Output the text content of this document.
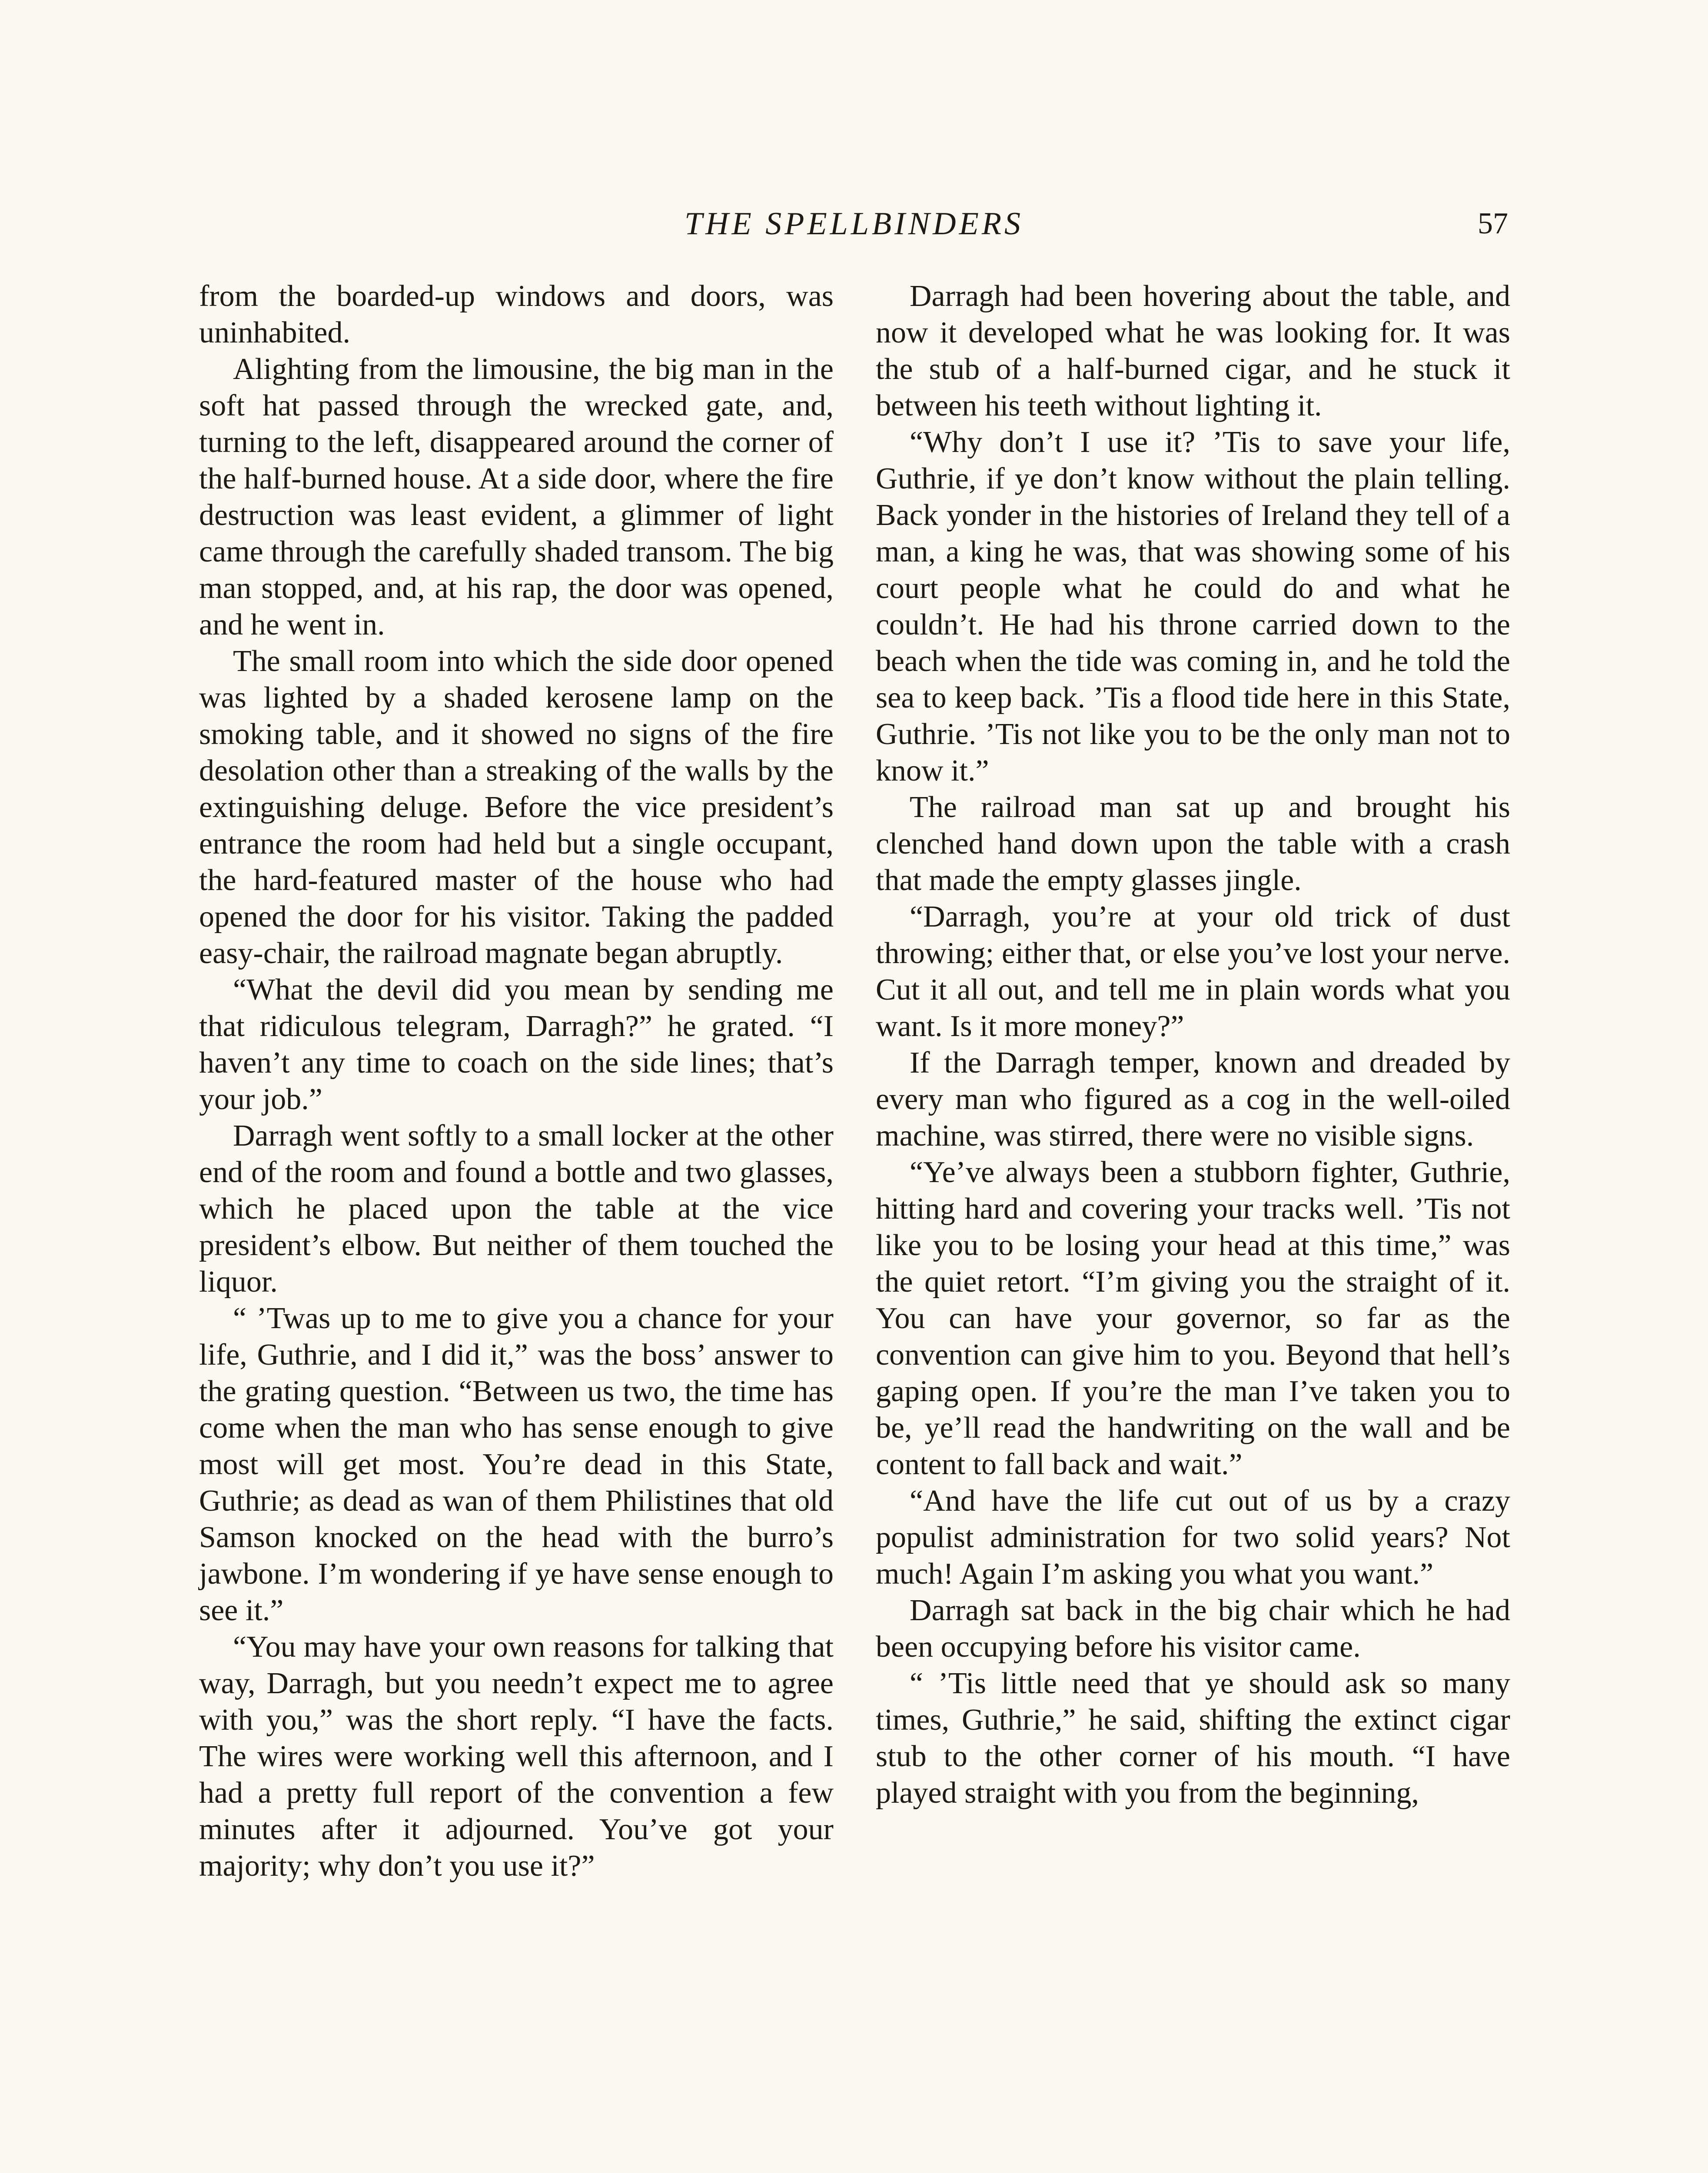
THE SPELLBINDERS	57

from the boarded-up windows and doors, was uninhabited.

Alighting from the limousine, the big man in the soft hat passed through the wrecked gate, and, turning to the left, disappeared around the corner of the half-burned house. At a side door, where the fire destruction was least evident, a glimmer of light came through the carefully shaded transom. The big man stopped, and, at his rap, the door was opened, and he went in.

The small room into which the side door opened was lighted by a shaded kerosene lamp on the smoking table, and it showed no signs of the fire desolation other than a streaking of the walls by the extinguishing deluge. Before the vice president’s entrance the room had held but a single occupant, the hard-featured master of the house who had opened the door for his visitor. Taking the padded easy-chair, the railroad magnate began abruptly.

“What the devil did you mean by sending me that ridiculous telegram, Darragh?” he grated. “I haven’t any time to coach on the side lines; that’s your job.”

Darragh went softly to a small locker at the other end of the room and found a bottle and two glasses, which he placed upon the table at the vice president’s elbow. But neither of them touched the liquor.

“ ’Twas up to me to give you a chance for your life, Guthrie, and I did it,” was the boss’ answer to the grating question. “Between us two, the time has come when the man who has sense enough to give most will get most. You’re dead in this State, Guthrie; as dead as wan of them Philistines that old Samson knocked on the head with the burro’s jawbone. I’m wondering if ye have sense enough to see it.”

“You may have your own reasons for talking that way, Darragh, but you needn’t expect me to agree with you,” was the short reply. “I have the facts. The wires were working well this afternoon, and I had a pretty full report of the convention a few minutes after it adjourned. You’ve got your majority; why don’t you use it?”

Darragh had been hovering about the table, and now it developed what he was looking for. It was the stub of a half-burned cigar, and he stuck it between his teeth without lighting it.

“Why don’t I use it? ’Tis to save your life, Guthrie, if ye don’t know without the plain telling. Back yonder in the histories of Ireland they tell of a man, a king he was, that was showing some of his court people what he could do and what he couldn’t. He had his throne carried down to the beach when the tide was coming in, and he told the sea to keep back. ’Tis a flood tide here in this State, Guthrie. ’Tis not like you to be the only man not to know it.”

The railroad man sat up and brought his clenched hand down upon the table with a crash that made the empty glasses jingle.

“Darragh, you’re at your old trick of dust throwing; either that, or else you’ve lost your nerve. Cut it all out, and tell me in plain words what you want. Is it more money?”

If the Darragh temper, known and dreaded by every man who figured as a cog in the well-oiled machine, was stirred, there were no visible signs.

“Ye’ve always been a stubborn fighter, Guthrie, hitting hard and covering your tracks well. ’Tis not like you to be losing your head at this time,” was the quiet retort. “I’m giving you the straight of it. You can have your governor, so far as the convention can give him to you. Beyond that hell’s gaping open. If you’re the man I’ve taken you to be, ye’ll read the handwriting on the wall and be content to fall back and wait.”

“And have the life cut out of us by a crazy populist administration for two solid years? Not much! Again I’m asking you what you want.”

Darragh sat back in the big chair which he had been occupying before his visitor came.

“ ’Tis little need that ye should ask so many times, Guthrie,” he said, shifting the extinct cigar stub to the other corner of his mouth. “I have played straight with you from the beginning,
